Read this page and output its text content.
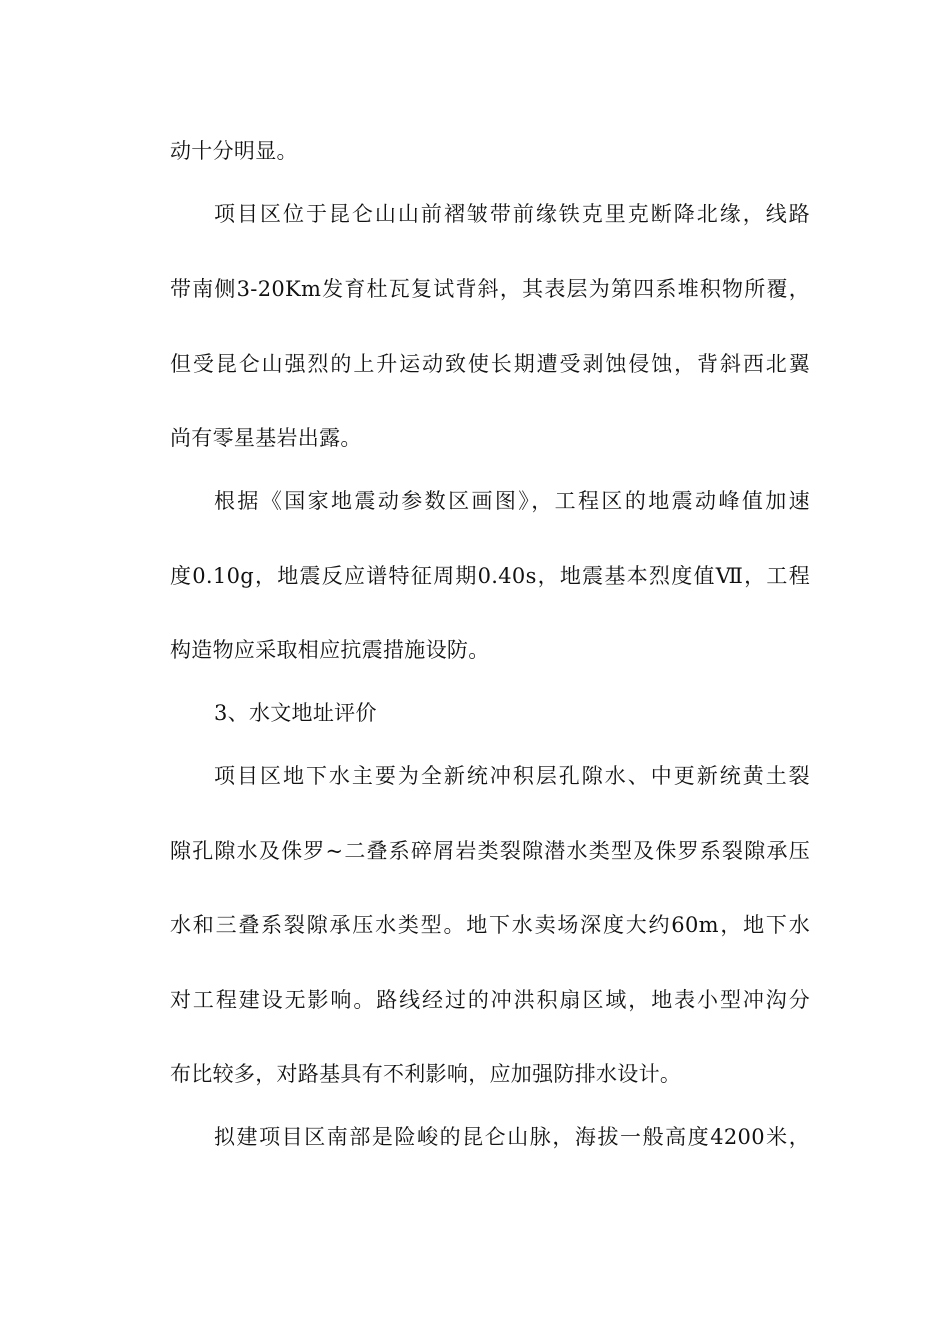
动十分明显。
项目区位于昆仑山山前褶皱带前缘铁克里克断降北缘，线路
带南侧3-20Km发育杜瓦复试背斜，其表层为第四系堆积物所覆，
但受昆仑山强烈的上升运动致使长期遭受剥蚀侵蚀，背斜西北翼
尚有零星基岩出露。
根据《国家地震动参数区画图》，工程区的地震动峰值加速
度0.10g，地震反应谱特征周期0.40s，地震基本烈度值Ⅶ，工程
构造物应采取相应抗震措施设防。
3、水文地址评价
项目区地下水主要为全新统冲积层孔隙水、中更新统黄土裂
隙孔隙水及侏罗~二叠系碎屑岩类裂隙潜水类型及侏罗系裂隙承压
水和三叠系裂隙承压水类型。地下水卖场深度大约60m，地下水
对工程建设无影响。路线经过的冲洪积扇区域，地表小型冲沟分
布比较多，对路基具有不利影响，应加强防排水设计。
拟建项目区南部是险峻的昆仑山脉，海拔一般高度4200米，
